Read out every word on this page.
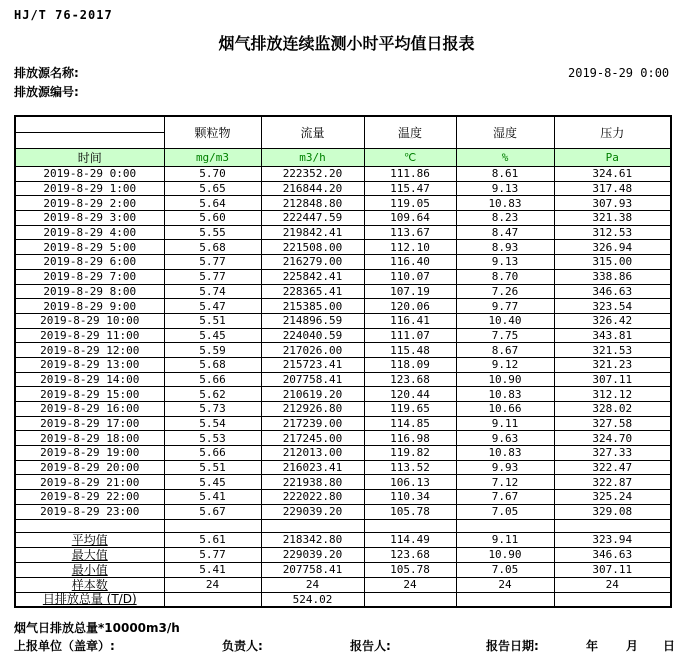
HJ/T 76-2017
烟气排放连续监测小时平均值日报表
排放源名称:
排放源编号:
2019-8-29 0:00
	颗粒物	流量	温度	湿度	压力
时间	mg/m3	m3/h	℃	%	Pa
2019-8-29 0:00	5.70	222352.20	111.86	8.61	324.61
2019-8-29 1:00	5.65	216844.20	115.47	9.13	317.48
2019-8-29 2:00	5.64	212848.80	119.05	10.83	307.93
2019-8-29 3:00	5.60	222447.59	109.64	8.23	321.38
2019-8-29 4:00	5.55	219842.41	113.67	8.47	312.53
2019-8-29 5:00	5.68	221508.00	112.10	8.93	326.94
2019-8-29 6:00	5.77	216279.00	116.40	9.13	315.00
2019-8-29 7:00	5.77	225842.41	110.07	8.70	338.86
2019-8-29 8:00	5.74	228365.41	107.19	7.26	346.63
2019-8-29 9:00	5.47	215385.00	120.06	9.77	323.54
2019-8-29 10:00	5.51	214896.59	116.41	10.40	326.42
2019-8-29 11:00	5.45	224040.59	111.07	7.75	343.81
2019-8-29 12:00	5.59	217026.00	115.48	8.67	321.53
2019-8-29 13:00	5.68	215723.41	118.09	9.12	321.23
2019-8-29 14:00	5.66	207758.41	123.68	10.90	307.11
2019-8-29 15:00	5.62	210619.20	120.44	10.83	312.12
2019-8-29 16:00	5.73	212926.80	119.65	10.66	328.02
2019-8-29 17:00	5.54	217239.00	114.85	9.11	327.58
2019-8-29 18:00	5.53	217245.00	116.98	9.63	324.70
2019-8-29 19:00	5.66	212013.00	119.82	10.83	327.33
2019-8-29 20:00	5.51	216023.41	113.52	9.93	322.47
2019-8-29 21:00	5.45	221938.80	106.13	7.12	322.87
2019-8-29 22:00	5.41	222022.80	110.34	7.67	325.24
2019-8-29 23:00	5.67	229039.20	105.78	7.05	329.08

平均值	5.61	218342.80	114.49	9.11	323.94
最大值	5.77	229039.20	123.68	10.90	346.63
最小值	5.41	207758.41	105.78	7.05	307.11
样本数	24	24	24	24	24
日排放总量 (T/D)		524.02			
烟气日排放总量*10000m3/h
上报单位（盖章）:	负责人:	报告人:	报告日期:	年 月 日
